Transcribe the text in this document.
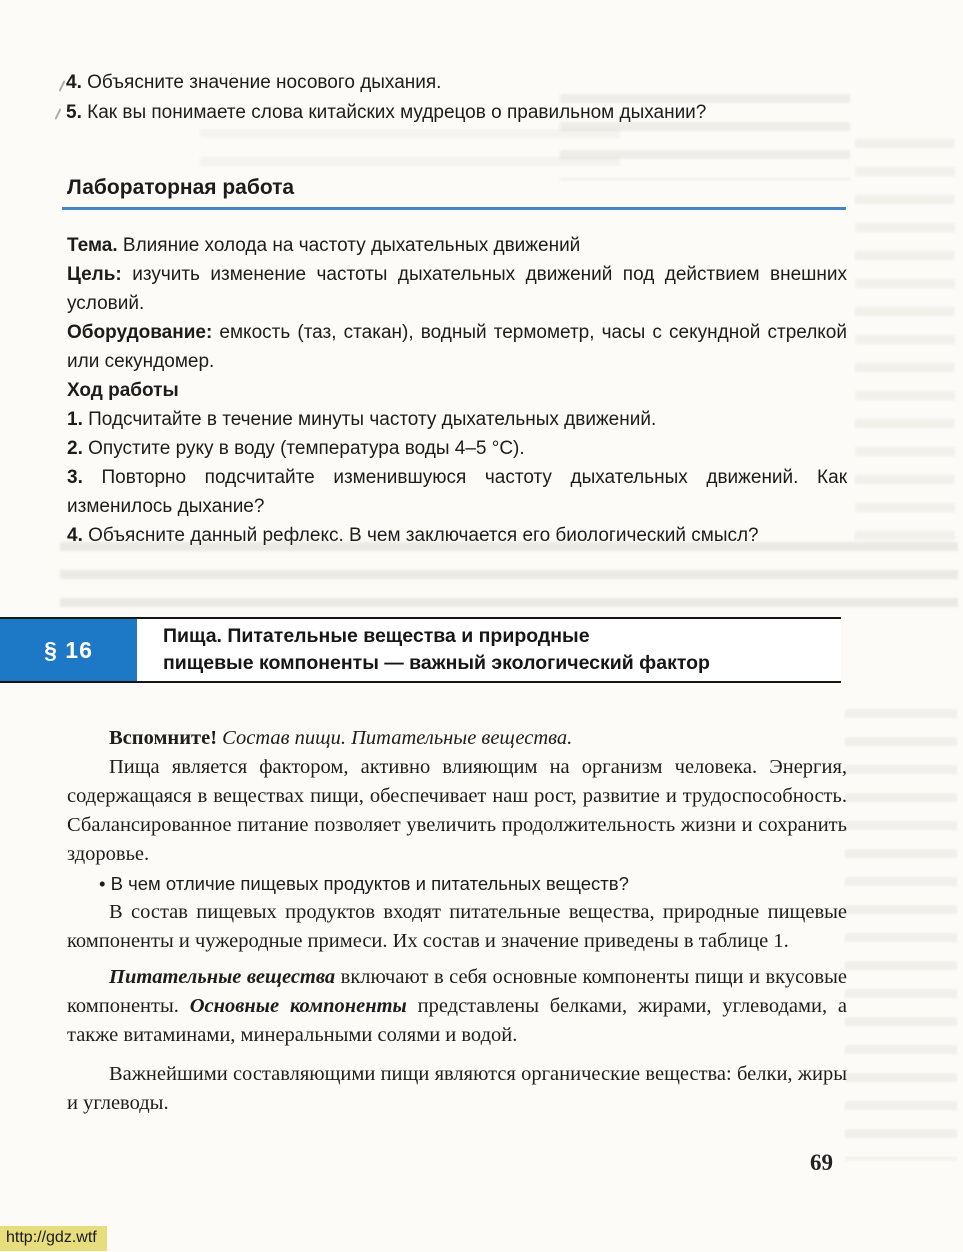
4. Объясните значение носового дыхания.
5. Как вы понимаете слова китайских мудрецов о правильном дыхании?
Лабораторная работа

Тема. Влияние холода на частоту дыхательных движений

Цель: изучить изменение частоты дыхательных движений под действием внешних условий.

Оборудование: емкость (таз, стакан), водный термометр, часы с секундной стрелкой или секундомер.

Ход работы

1. Подсчитайте в течение минуты частоту дыхательных движений.

2. Опустите руку в воду (температура воды 4–5 °С).

3. Повторно подсчитайте изменившуюся частоту дыхательных движений. Как изменилось дыхание?

4. Объясните данный рефлекс. В чем заключается его биологический смысл?

§ 16
Пища. Питательные вещества и природные
пищевые компоненты — важный экологический фактор

Вспомните! Состав пищи. Питательные вещества.

Пища является фактором, активно влияющим на организм человека. Энергия, содержащаяся в веществах пищи, обеспечивает наш рост, развитие и трудоспособность. Сбалансированное питание позволяет увеличить продолжительность жизни и сохранить здоровье.

• В чем отличие пищевых продуктов и питательных веществ?

В состав пищевых продуктов входят питательные вещества, природные пищевые компоненты и чужеродные примеси. Их состав и значение приведены в таблице 1.

Питательные вещества включают в себя основные компоненты пищи и вкусовые компоненты. Основные компоненты представлены белками, жирами, углеводами, а также витаминами, минеральными солями и водой.

Важнейшими составляющими пищи являются органические вещества: белки, жиры и углеводы.

69
http://gdz.wtf
